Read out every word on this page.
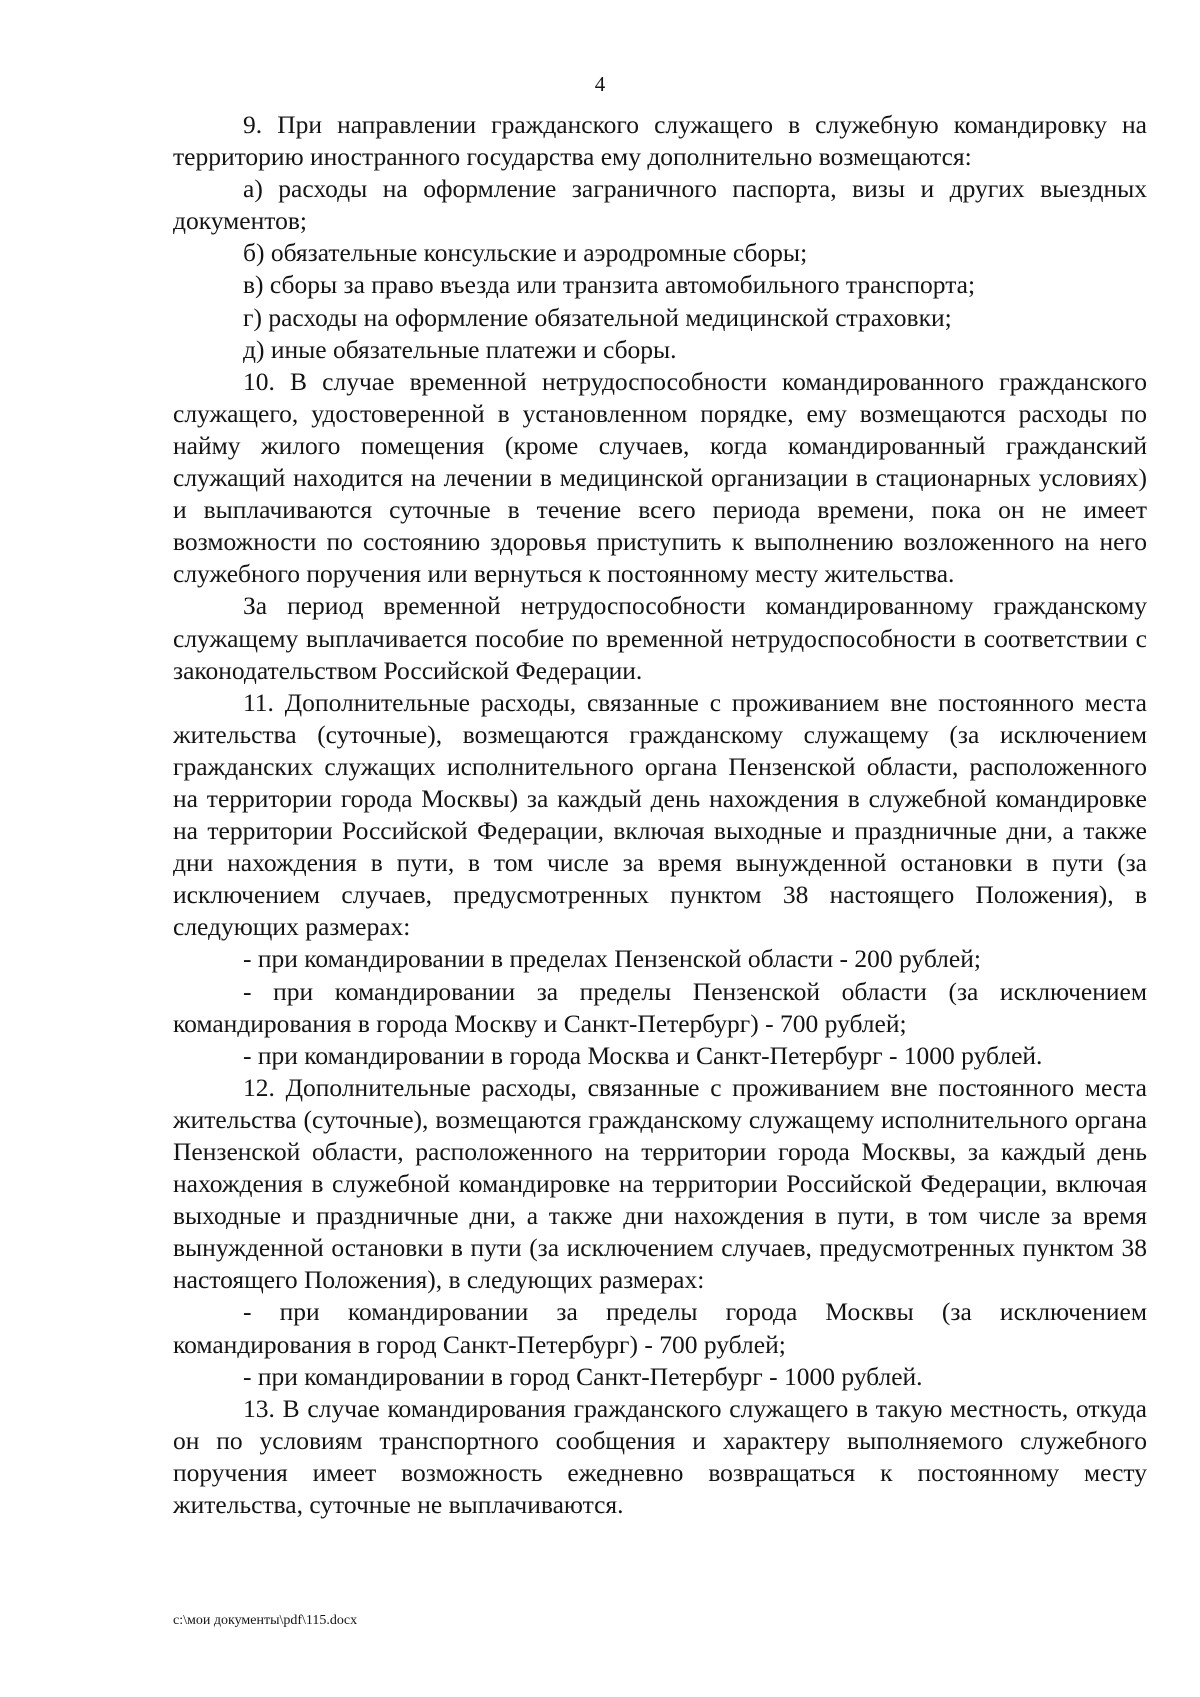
4

9. При направлении гражданского служащего в служебную командировку на территорию иностранного государства ему дополнительно возмещаются:

а) расходы на оформление заграничного паспорта, визы и других выездных документов;

б) обязательные консульские и аэродромные сборы;

в) сборы за право въезда или транзита автомобильного транспорта;

г) расходы на оформление обязательной медицинской страховки;

д) иные обязательные платежи и сборы.

10. В случае временной нетрудоспособности командированного гражданского служащего, удостоверенной в установленном порядке, ему возмещаются расходы по найму жилого помещения (кроме случаев, когда командированный гражданский служащий находится на лечении в медицинской организации в стационарных условиях) и выплачиваются суточные в течение всего периода времени, пока он не имеет возможности по состоянию здоровья приступить к выполнению возложенного на него служебного поручения или вернуться к постоянному месту жительства.

За период временной нетрудоспособности командированному гражданскому служащему выплачивается пособие по временной нетрудоспособности в соответствии с законодательством Российской Федерации.

11. Дополнительные расходы, связанные с проживанием вне постоянного места жительства (суточные), возмещаются гражданскому служащему (за исключением гражданских служащих исполнительного органа Пензенской области, расположенного на территории города Москвы) за каждый день нахождения в служебной командировке на территории Российской Федерации, включая выходные и праздничные дни, а также дни нахождения в пути, в том числе за время вынужденной остановки в пути (за исключением случаев, предусмотренных пунктом 38 настоящего Положения), в следующих размерах:

- при командировании в пределах Пензенской области - 200 рублей;

- при командировании за пределы Пензенской области (за исключением командирования в города Москву и Санкт-Петербург) - 700 рублей;

- при командировании в города Москва и Санкт-Петербург - 1000 рублей.

12. Дополнительные расходы, связанные с проживанием вне постоянного места жительства (суточные), возмещаются гражданскому служащему исполнительного органа Пензенской области, расположенного на территории города Москвы, за каждый день нахождения в служебной командировке на территории Российской Федерации, включая выходные и праздничные дни, а также дни нахождения в пути, в том числе за время вынужденной остановки в пути (за исключением случаев, предусмотренных пунктом 38 настоящего Положения), в следующих размерах:

- при командировании за пределы города Москвы (за исключением командирования в город Санкт-Петербург) - 700 рублей;

- при командировании в город Санкт-Петербург - 1000 рублей.

13. В случае командирования гражданского служащего в такую местность, откуда он по условиям транспортного сообщения и характеру выполняемого служебного поручения имеет возможность ежедневно возвращаться к постоянному месту жительства, суточные не выплачиваются.

c:\мои документы\pdf\115.docx
